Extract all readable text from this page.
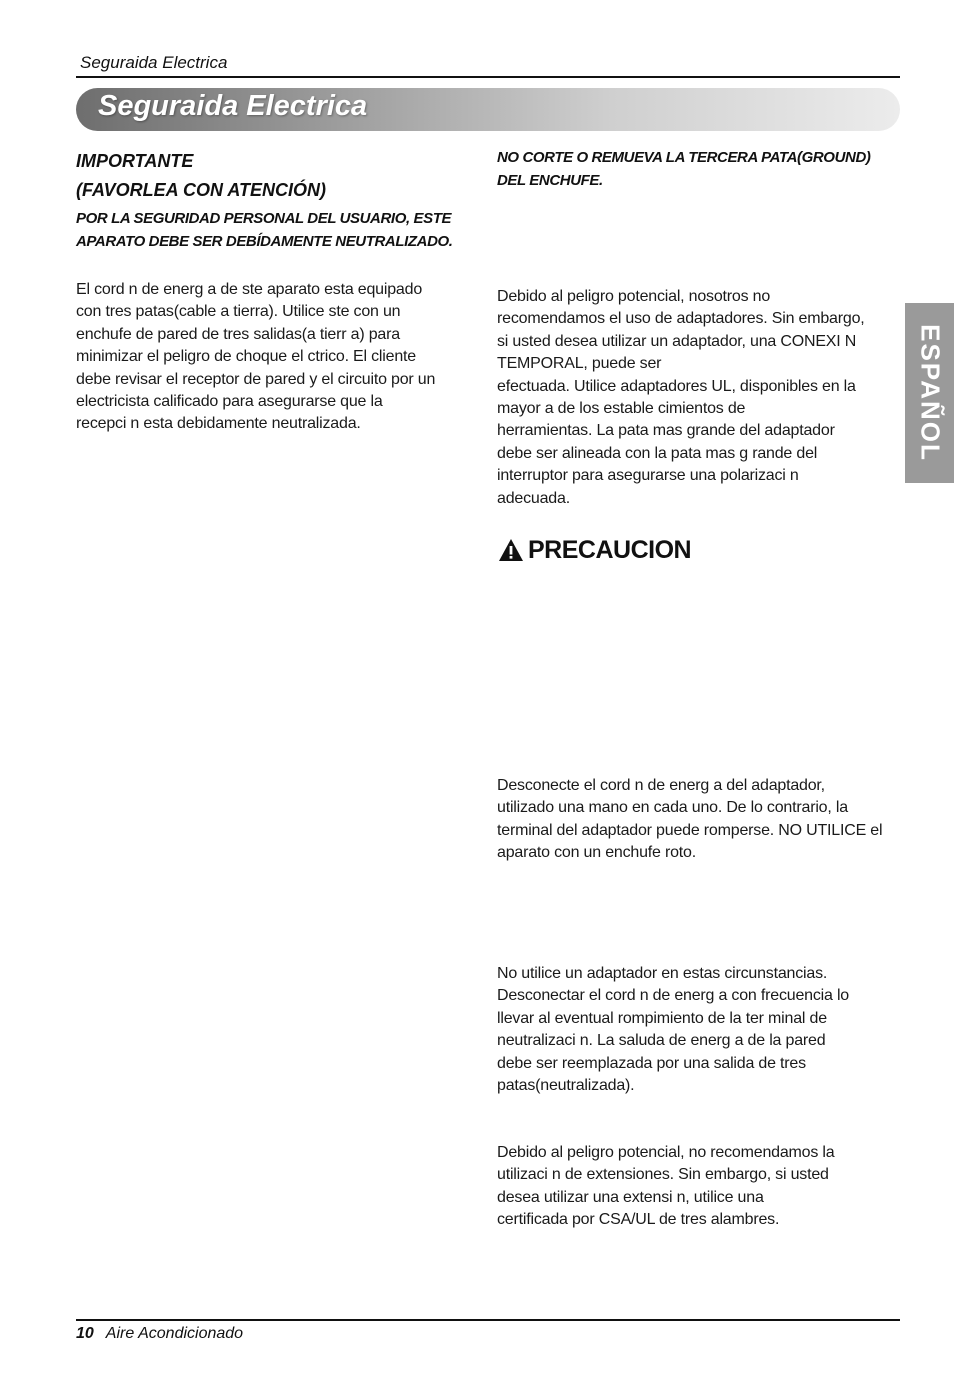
Seguraida Electrica
Seguraida Electrica
IMPORTANTE
(FAVORLEA CON ATENCIÓN)
POR LA SEGURIDAD PERSONAL DEL USUARIO, ESTE APARATO DEBE SER DEBÍDAMENTE NEUTRALIZADO.
El cord n de energ a de ste aparato esta equipado
con tres patas(cable a tierra). Utilice ste con un
enchufe de pared de tres salidas(a tierr a) para
minimizar el peligro de choque el ctrico. El cliente
debe revisar el receptor de pared y el circuito por un
electricista calificado para asegurarse que la
recepci n esta debidamente neutralizada.
NO CORTE O REMUEVA LA TERCERA PATA(GROUND) DEL ENCHUFE.
Debido al peligro potencial, nosotros no
recomendamos el uso de adaptadores. Sin embargo,
si usted desea utilizar un adaptador, una CONEXI N
TEMPORAL, puede ser
efectuada. Utilice adaptadores UL, disponibles en la
mayor a de los estable cimientos de
herramientas. La pata mas grande del adaptador
debe ser alineada con la pata mas g rande del
interruptor para asegurarse una polarizaci n
adecuada.
PRECAUCION
Desconecte el cord n de energ a del adaptador,
utilizado una mano en cada uno. De lo contrario, la
terminal del adaptador puede romperse. NO UTILICE el
aparato con un enchufe roto.
No utilice un adaptador en estas circunstancias.
Desconectar el cord n de energ a con frecuencia lo
llevar al eventual rompimiento de la ter minal de
neutralizaci n. La saluda de energ a de la pared
debe ser reemplazada por una salida de tres
patas(neutralizada).
Debido al peligro potencial, no recomendamos la
utilizaci n de extensiones. Sin embargo, si usted
desea utilizar una extensi n, utilice una
certificada por CSA/UL de tres alambres.
ESPAÑOL
10 Aire Acondicionado
